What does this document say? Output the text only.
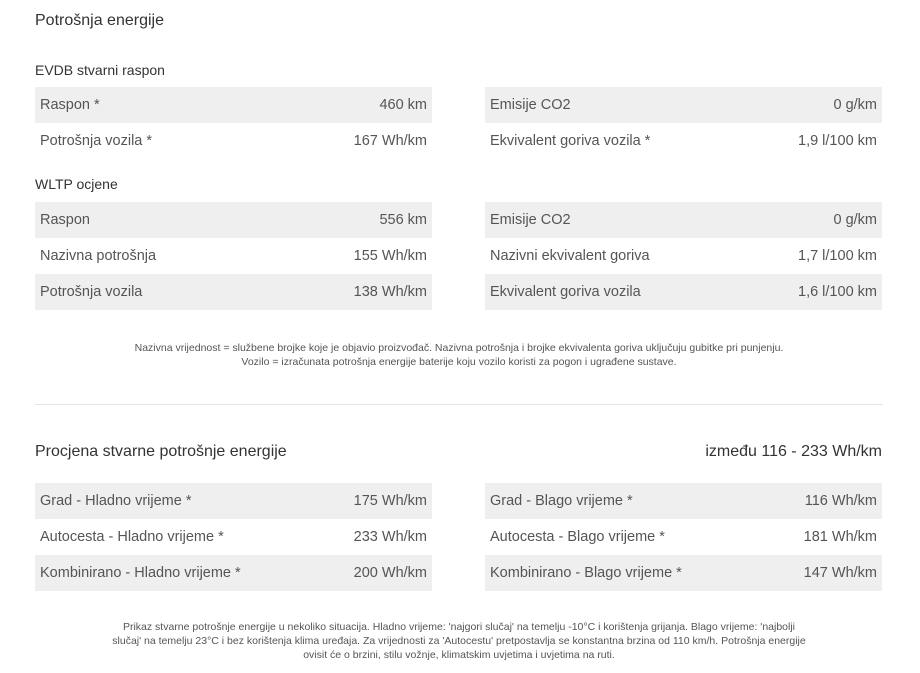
Potrošnja energije
EVDB stvarni raspon
Raspon *	460 km
Potrošnja vozila *	167 Wh/km
Emisije CO2	0 g/km
Ekvivalent goriva vozila *	1,9 l/100 km
WLTP ocjene
Raspon	556 km
Nazivna potrošnja	155 Wh/km
Potrošnja vozila	138 Wh/km
Emisije CO2	0 g/km
Nazivni ekvivalent goriva	1,7 l/100 km
Ekvivalent goriva vozila	1,6 l/100 km
Nazivna vrijednost = službene brojke koje je objavio proizvođač. Nazivna potrošnja i brojke ekvivalenta goriva uključuju gubitke pri punjenju.
Vozilo = izračunata potrošnja energije baterije koju vozilo koristi za pogon i ugrađene sustave.
Procjena stvarne potrošnje energije	između 116 - 233 Wh/km
Grad - Hladno vrijeme *	175 Wh/km
Autocesta - Hladno vrijeme *	233 Wh/km
Kombinirano - Hladno vrijeme *	200 Wh/km
Grad - Blago vrijeme *	116 Wh/km
Autocesta - Blago vrijeme *	181 Wh/km
Kombinirano - Blago vrijeme *	147 Wh/km
Prikaz stvarne potrošnje energije u nekoliko situacija. Hladno vrijeme: 'najgori slučaj' na temelju -10°C i korištenja grijanja. Blago vrijeme: 'najbolji
slučaj' na temelju 23°C i bez korištenja klima uređaja. Za vrijednosti za 'Autocestu' pretpostavlja se konstantna brzina od 110 km/h. Potrošnja energije
ovisit će o brzini, stilu vožnje, klimatskim uvjetima i uvjetima na ruti.
